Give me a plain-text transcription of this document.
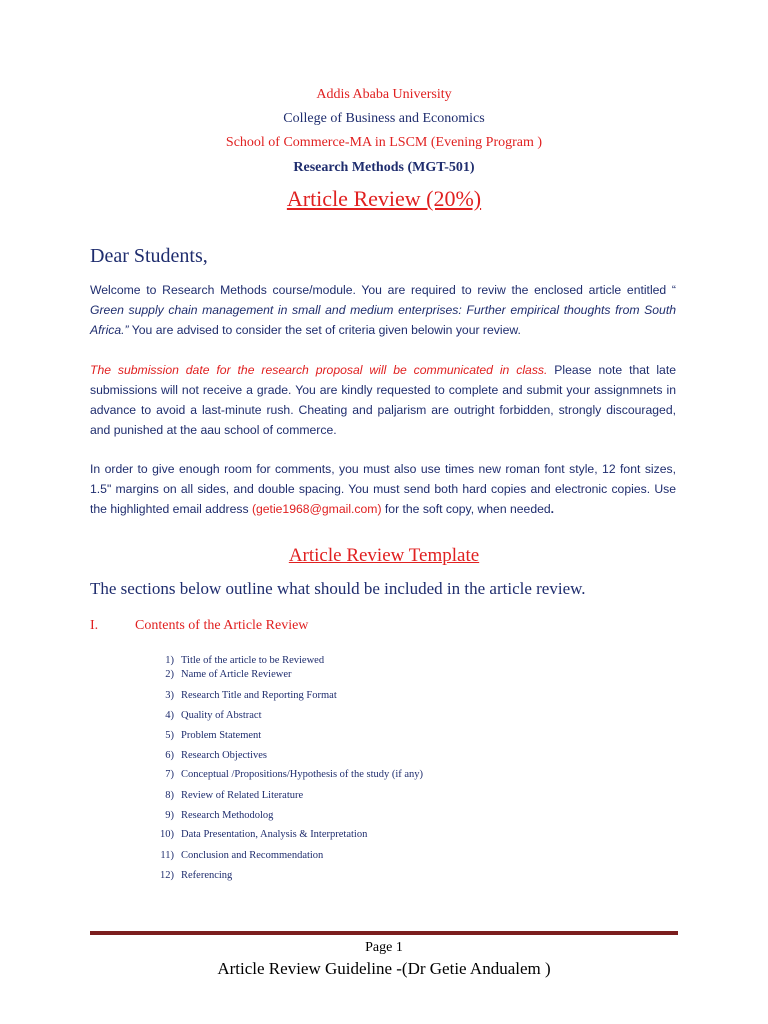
Addis Ababa University
College of Business and Economics
School of Commerce-MA in LSCM (Evening Program )
Research Methods (MGT-501)
Article Review (20%)
Dear Students,
Welcome to Research Methods course/module. You are required to reviw the enclosed article entitled “ Green supply chain management in small and medium enterprises: Further empirical thoughts from South Africa.” You are advised to consider the set of criteria given belowin your review.
The submission date for the research proposal will be communicated in class. Please note that late submissions will not receive a grade. You are kindly requested to complete and submit your assignmnets in advance to avoid a last-minute rush. Cheating and paljarism are outright forbidden, strongly discouraged, and punished at the aau school of commerce.
In order to give enough room for comments, you must also use times new roman font style, 12 font sizes, 1.5" margins on all sides, and double spacing. You must send both hard copies and electronic copies. Use the highlighted email address (getie1968@gmail.com) for the soft copy, when needed.
Article Review Template
The sections below outline what should be included in the article review.
I.	Contents of the Article Review
1) Title of the article to be Reviewed
2) Name of Article Reviewer
3) Research Title and Reporting Format
4) Quality of Abstract
5) Problem Statement
6) Research Objectives
7) Conceptual /Propositions/Hypothesis of the study (if any)
8) Review of Related Literature
9) Research Methodolog
10) Data Presentation, Analysis & Interpretation
11) Conclusion and Recommendation
12) Referencing
Page 1
Article Review Guideline -(Dr Getie Andualem )
